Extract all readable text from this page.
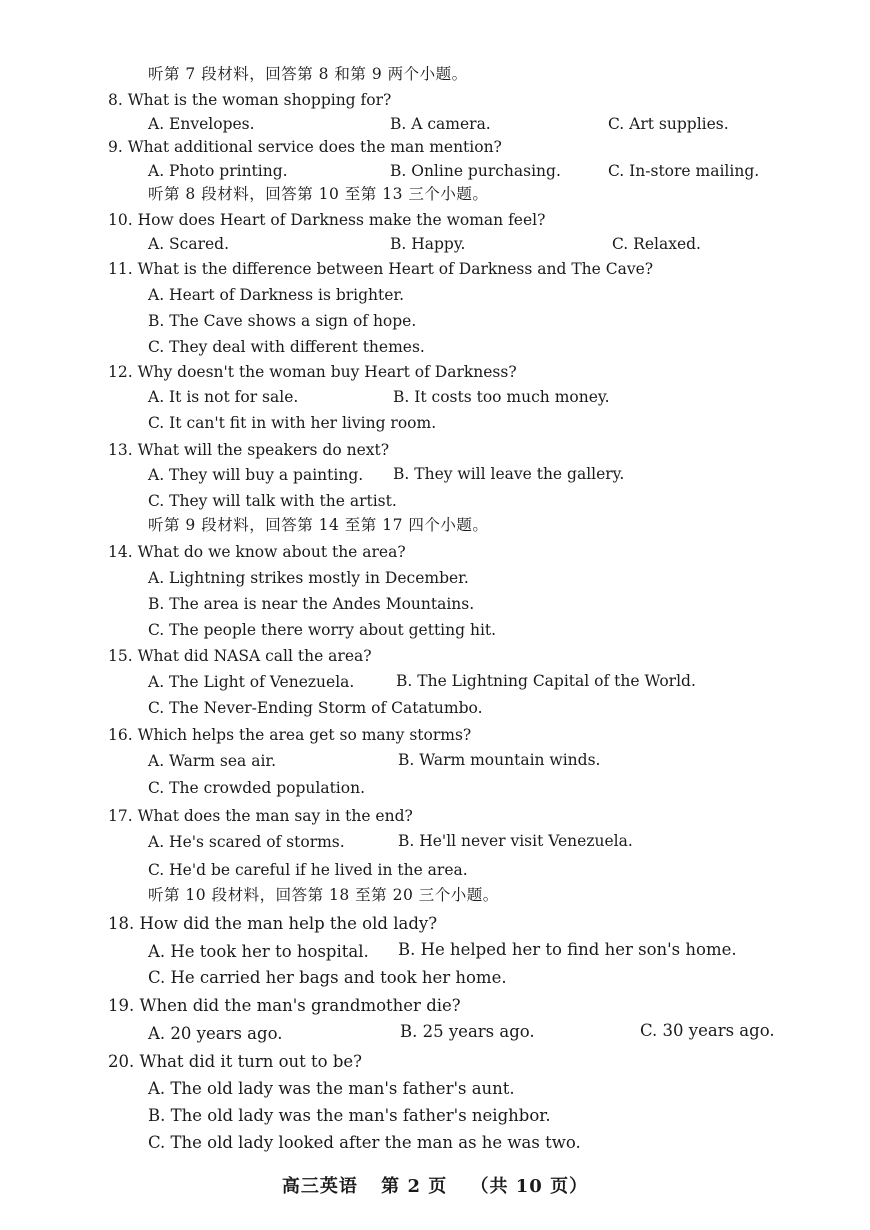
听第 7 段材料，回答第 8 和第 9 两个小题。
8. What is the woman shopping for?
A. Envelopes.	B. A camera.	C. Art supplies.
9. What additional service does the man mention?
A. Photo printing.	B. Online purchasing.	C. In-store mailing.
听第 8 段材料，回答第 10 至第 13 三个小题。
10. How does Heart of Darkness make the woman feel?
A. Scared.	B. Happy.	C. Relaxed.
11. What is the difference between Heart of Darkness and The Cave?
A. Heart of Darkness is brighter.
B. The Cave shows a sign of hope.
C. They deal with different themes.
12. Why doesn't the woman buy Heart of Darkness?
A. It is not for sale.	B. It costs too much money.
C. It can't fit in with her living room.
13. What will the speakers do next?
A. They will buy a painting. B. They will leave the gallery.
C. They will talk with the artist.
听第 9 段材料，回答第 14 至第 17 四个小题。
14. What do we know about the area?
A. Lightning strikes mostly in December.
B. The area is near the Andes Mountains.
C. The people there worry about getting hit.
15. What did NASA call the area?
A. The Light of Venezuela.	B. The Lightning Capital of the World.
C. The Never-Ending Storm of Catatumbo.
16. Which helps the area get so many storms?
A. Warm sea air.	B. Warm mountain winds.
C. The crowded population.
17. What does the man say in the end?
A. He's scared of storms.	B. He'll never visit Venezuela.
C. He'd be careful if he lived in the area.
听第 10 段材料，回答第 18 至第 20 三个小题。
18. How did the man help the old lady?
A. He took her to hospital. B. He helped her to find her son's home.
C. He carried her bags and took her home.
19. When did the man's grandmother die?
A. 20 years ago.	B. 25 years ago.	C. 30 years ago.
20. What did it turn out to be?
A. The old lady was the man's father's aunt.
B. The old lady was the man's father's neighbor.
C. The old lady looked after the man as he was two.
高三英语 第 2 页 （共 10 页）
